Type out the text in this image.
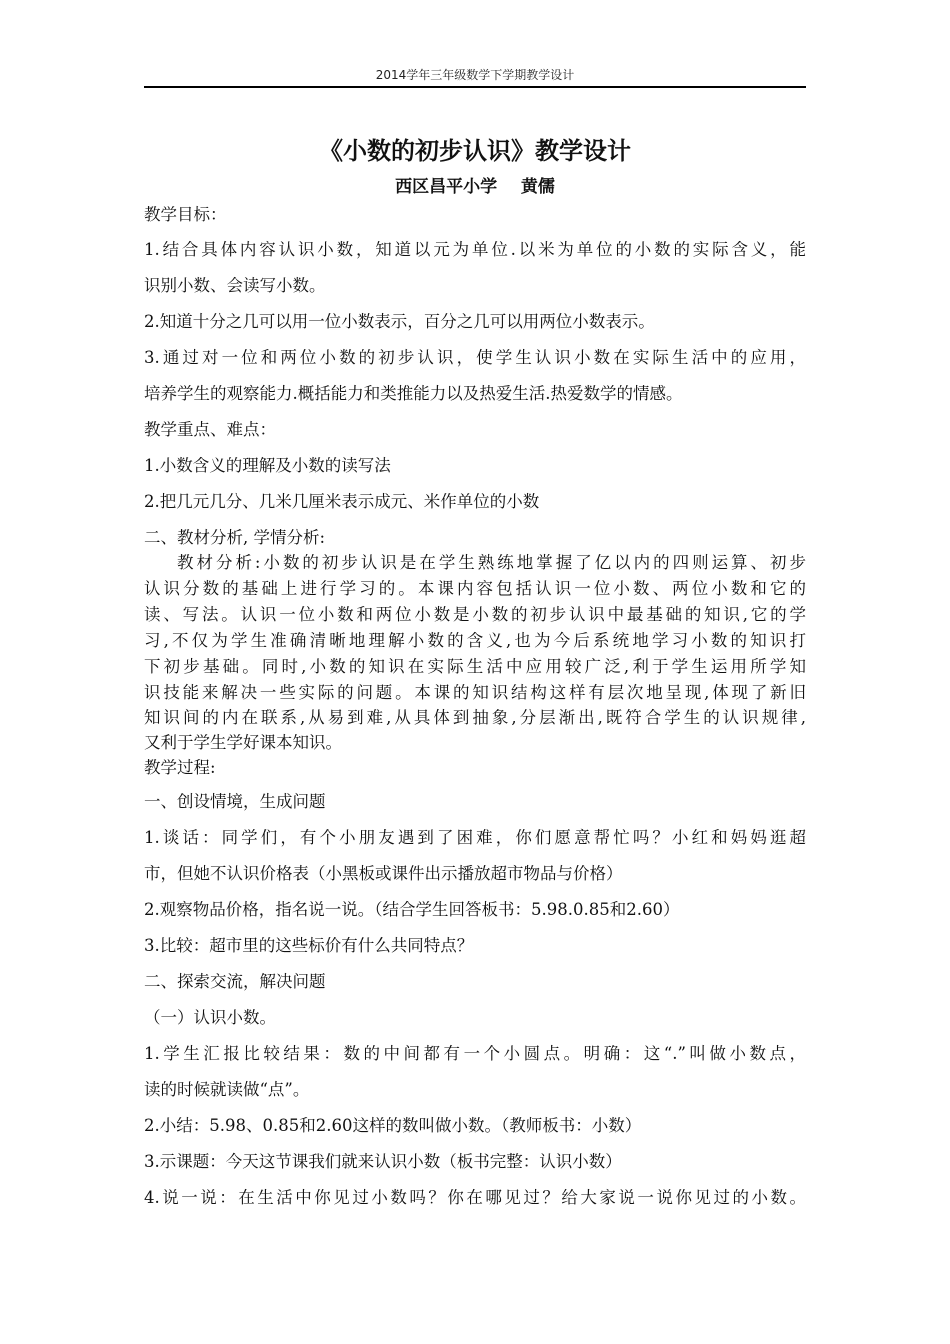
2014学年三年级数学下学期教学设计
《小数的初步认识》教学设计
西区昌平小学    黄儒
教学目标：
1.结合具体内容认识小数，知道以元为单位.以米为单位的小数的实际含义，能
识别小数、会读写小数。
2.知道十分之几可以用一位小数表示，百分之几可以用两位小数表示。
3.通过对一位和两位小数的初步认识，使学生认识小数在实际生活中的应用，
培养学生的观察能力.概括能力和类推能力以及热爱生活.热爱数学的情感。
教学重点、难点：
1.小数含义的理解及小数的读写法
2.把几元几分、几米几厘米表示成元、米作单位的小数
二、教材分析, 学情分析:
教材分析:小数的初步认识是在学生熟练地掌握了亿以内的四则运算、初步
认识分数的基础上进行学习的。本课内容包括认识一位小数、两位小数和它的
读、写法。认识一位小数和两位小数是小数的初步认识中最基础的知识,它的学
习,不仅为学生准确清晰地理解小数的含义,也为今后系统地学习小数的知识打
下初步基础。同时,小数的知识在实际生活中应用较广泛,利于学生运用所学知
识技能来解决一些实际的问题。本课的知识结构这样有层次地呈现,体现了新旧
知识间的内在联系,从易到难,从具体到抽象,分层渐出,既符合学生的认识规律,
又利于学生学好课本知识。
教学过程:
一、创设情境，生成问题
1.谈话：同学们，有个小朋友遇到了困难，你们愿意帮忙吗？小红和妈妈逛超
市，但她不认识价格表（小黑板或课件出示播放超市物品与价格）
2.观察物品价格，指名说一说。（结合学生回答板书：5.98.0.85和2.60）
3.比较：超市里的这些标价有什么共同特点？
二、探索交流，解决问题
（一）认识小数。
1.学生汇报比较结果：数的中间都有一个小圆点。明确：这“.”叫做小数点，
读的时候就读做“点”。
2.小结：5.98、0.85和2.60这样的数叫做小数。（教师板书：小数）
3.示课题：今天这节课我们就来认识小数（板书完整：认识小数）
4.说一说：在生活中你见过小数吗？你在哪见过？给大家说一说你见过的小数。
